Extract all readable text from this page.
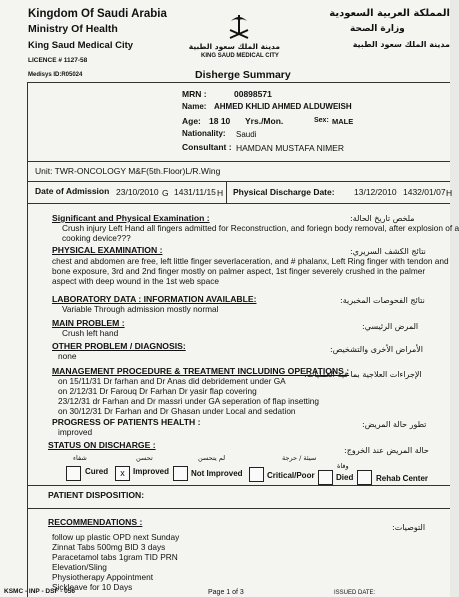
Kingdom Of Saudi Arabia
Ministry Of Health
King Saud Medical City
LICENCE # 1127-58
مدينة الملك سعود الطبية
KING SAUD MEDICAL CITY
المملكة العربية السعودية
وزارة الصحة
مدينة الملك سعود الطبية
Medisys ID:R05024	Disherge Summary
MRN :	00898571
Name: AHMED KHLID AHMED ALDUWEISH
Age: 18 10 Yrs./Mon.	Sex: MALE
Nationality: Saudi
Consultant : HAMDAN MUSTAFA NIMER
Unit: TWR-ONCOLOGY M&F(5th.Floor)L/R.Wing
Date of Admission 23/10/2010 G 1431/11/15 H Physical Discharge Date: 13/12/2010 1432/01/07 H
Significant and Physical Examination :	ملخص تاريخ الحالة:
Crush injury Left Hand all fingers admitted for Reconstruction, and foriegn body removal, after explosion of a
cooking device???
PHYSICAL EXAMINATION :	نتائج الكشف السريري:
chest and abdomen are free, left little finger severlaceration, and # phalanx, Left Ring finger with tendon and
bone exposure, 3rd and 2nd finger mostly on palmer aspect, 1st finger severely crushed in the palmer
aspect with deep wound in the 1st web space
LABORATORY DATA : INFORMATION AVAILABLE:	نتائج الفحوصات المخبرية:
Variable Through admission mostly normal
MAIN PROBLEM :	المرض الرئيسي:
Crush left hand
OTHER PROBLEM / DIAGNOSIS:	الأمراض الأخرى والتشخيص:
none
MANAGEMENT PROCEDURE & TREATMENT INCLUDING OPERATIONS :
الإجراءات العلاجية بما فيه العمليات:
on 15/11/31 Dr farhan and Dr Anas did debridement under GA
on 2/12/31 Dr Farouq Dr Farhan Dr yasir flap covering
23/12/31 dr Farhan and Dr massri under GA seperation of flap insetting
on 30/12/31 Dr Farhan and Dr Ghasan under Local and sedation
PROGRESS OF PATIENTS HEALTH :	تطور حالة المريض:
improved
STATUS ON DISCHARGE :
حالة المريض عند الخروج:
شفاء	تحسن	لم يتحسن	سيئة / حرجة
وفاة
Cured	x	Improved	Not Improved	Critical/Poor	Died	Rehab Center
PATIENT DISPOSITION:
RECOMMENDATIONS :
التوصيات:
follow up plastic OPD next Sunday
Zinnat Tabs 500mg BID 3 days
Paracetamol tabs 1gram TID PRN
Elevation/Sling
Physiotherapy Appointment
Sickleave for 10 Days
KSMC - INP - DSF - 056	Page 1 of 3	ISSUED DATE:
